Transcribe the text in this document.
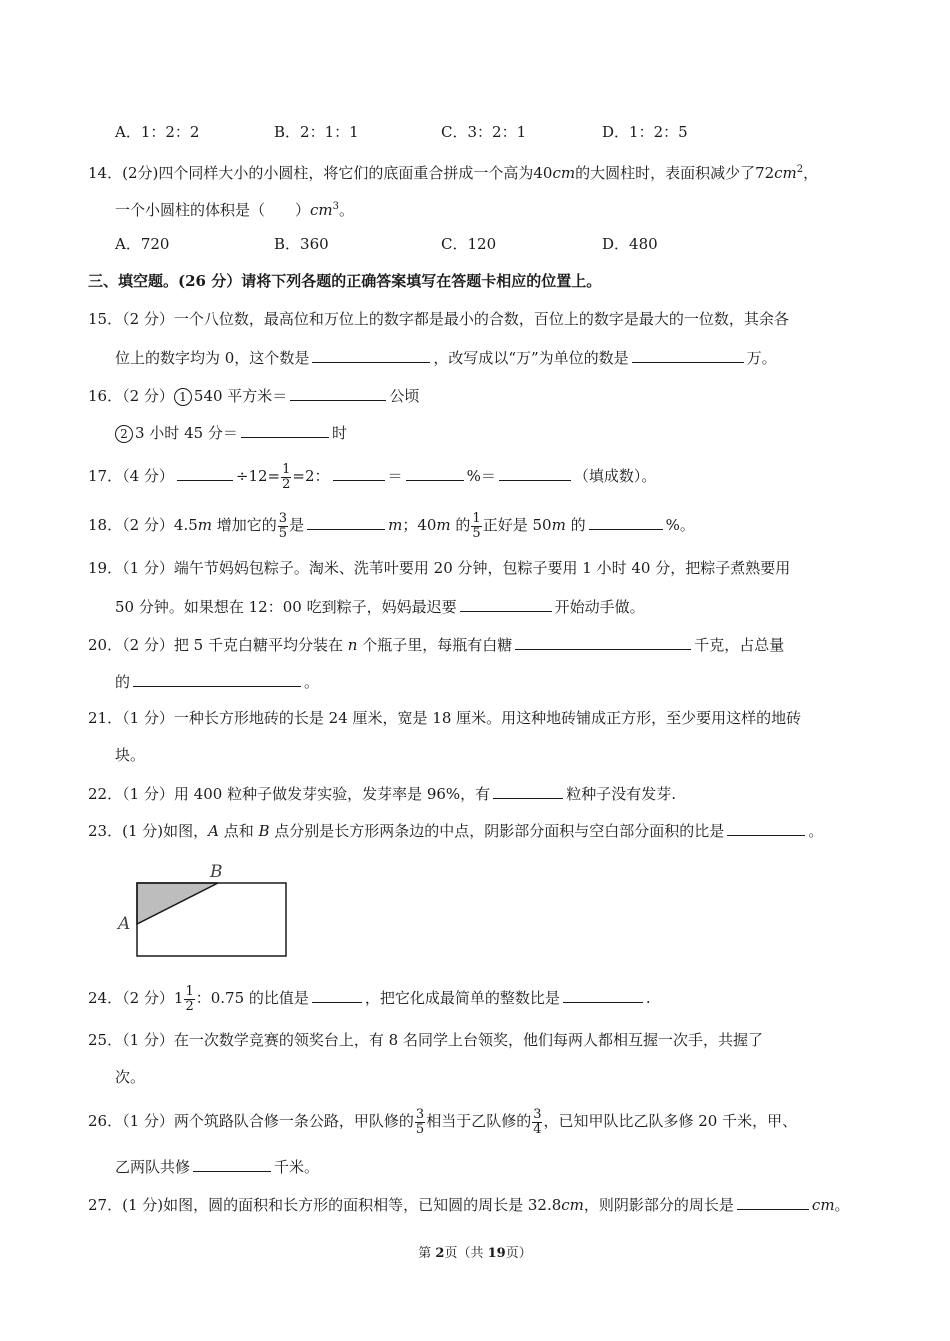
A．1：2：2	B．2：1：1	C．3：2：1	D．1：2：5
14．(2分)四个同样大小的小圆柱，将它们的底面重合拼成一个高为40cm的大圆柱时，表面积减少了$72cm^2$，
一个小圆柱的体积是（　　）$cm^3$。
A．720	B．360	C．120	D．480
三、填空题。(26 分）请将下列各题的正确答案填写在答题卡相应的位置上。
15．（2 分）一个八位数，最高位和万位上的数字都是最小的合数，百位上的数字是最大的一位数，其余各
位上的数字均为 0，这个数是	，改写成以“万”为单位的数是	万。
16．（2 分） 1 540 平方米＝	公顷
2 3 小时 45 分＝	时
17．（4 分）	$\div 12= \frac{1}{2} =2$：	＝	%＝	（填成数）。
18．（2 分）4.5m 增加它的 $\frac{3}{5}$ 是	m；40m 的 $\frac{1}{5}$ 正好是 50m 的	%。
19．（1 分）端午节妈妈包粽子。淘米、洗苇叶要用 20 分钟，包粽子要用 1 小时 40 分，把粽子煮熟要用
50 分钟。如果想在 12：00 吃到粽子，妈妈最迟要	开始动手做。
20．（2 分）把 5 千克白糖平均分装在 n 个瓶子里，每瓶有白糖	千克，占总量
的	。
21．（1 分）一种长方形地砖的长是 24 厘米，宽是 18 厘米。用这种地砖铺成正方形，至少要用这样的地砖
块。
22．（1 分）用 400 粒种子做发芽实验，发芽率是 96%，有	粒种子没有发芽.
23．(1 分)如图，A 点和 B 点分别是长方形两条边的中点，阴影部分面积与空白部分面积的比是	。
B
A
24．（2 分）$1 \frac{1}{2}$ ：0.75 的比值是	，把它化成最简单的整数比是	.
25．（1 分）在一次数学竞赛的领奖台上，有 8 名同学上台领奖，他们每两人都相互握一次手，共握了
次。
26．（1 分）两个筑路队合修一条公路，甲队修的 $\frac{3}{5}$ 相当于乙队修的 $\frac{3}{4}$ ，已知甲队比乙队多修 20 千米，甲、
乙两队共修	千米。
27．(1 分)如图，圆的面积和长方形的面积相等，已知圆的周长是 32.8cm，则阴影部分的周长是	cm。
第 2页（共 19页）
